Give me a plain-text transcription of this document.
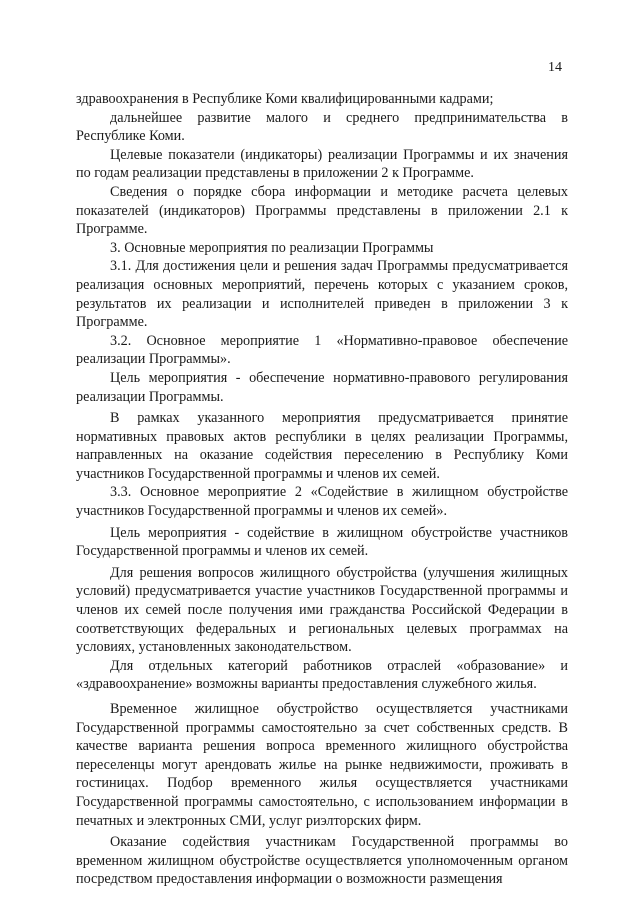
14

здравоохранения в Республике Коми квалифицированными кадрами;

дальнейшее развитие малого и среднего предпринимательства в Республике Коми.

Целевые показатели (индикаторы) реализации Программы и их значения по годам реализации представлены в приложении 2 к Программе.

Сведения о порядке сбора информации и методике расчета целевых показателей (индикаторов) Программы представлены в приложении 2.1 к Программе.

3. Основные мероприятия по реализации Программы

3.1. Для достижения цели и решения задач Программы предусматривается реализация основных мероприятий, перечень которых с указанием сроков, результатов их реализации и исполнителей приведен в приложении 3 к Программе.

3.2. Основное мероприятие 1 «Нормативно-правовое обеспечение реализации Программы».

Цель мероприятия - обеспечение нормативно-правового регулирования реализации Программы.

В рамках указанного мероприятия предусматривается принятие нормативных правовых актов республики в целях реализации Программы, направленных на оказание содействия переселению в Республику Коми участников Государственной программы и членов их семей.

3.3. Основное мероприятие 2 «Содействие в жилищном обустройстве участников Государственной программы и членов их семей».

Цель мероприятия - содействие в жилищном обустройстве участников Государственной программы и членов их семей.

Для решения вопросов жилищного обустройства (улучшения жилищных условий) предусматривается участие участников Государственной программы и членов их семей после получения ими гражданства Российской Федерации в соответствующих федеральных и региональных целевых программах на условиях, установленных законодательством.

Для отдельных категорий работников отраслей «образование» и «здравоохранение» возможны варианты предоставления служебного жилья.

Временное жилищное обустройство осуществляется участниками Государственной программы самостоятельно за счет собственных средств. В качестве варианта решения вопроса временного жилищного обустройства переселенцы могут арендовать жилье на рынке недвижимости, проживать в гостиницах. Подбор временного жилья осуществляется участниками Государственной программы самостоятельно, с использованием информации в печатных и электронных СМИ, услуг риэлторских фирм.

Оказание содействия участникам Государственной программы во временном жилищном обустройстве осуществляется уполномоченным органом посредством предоставления информации о возможности размещения
